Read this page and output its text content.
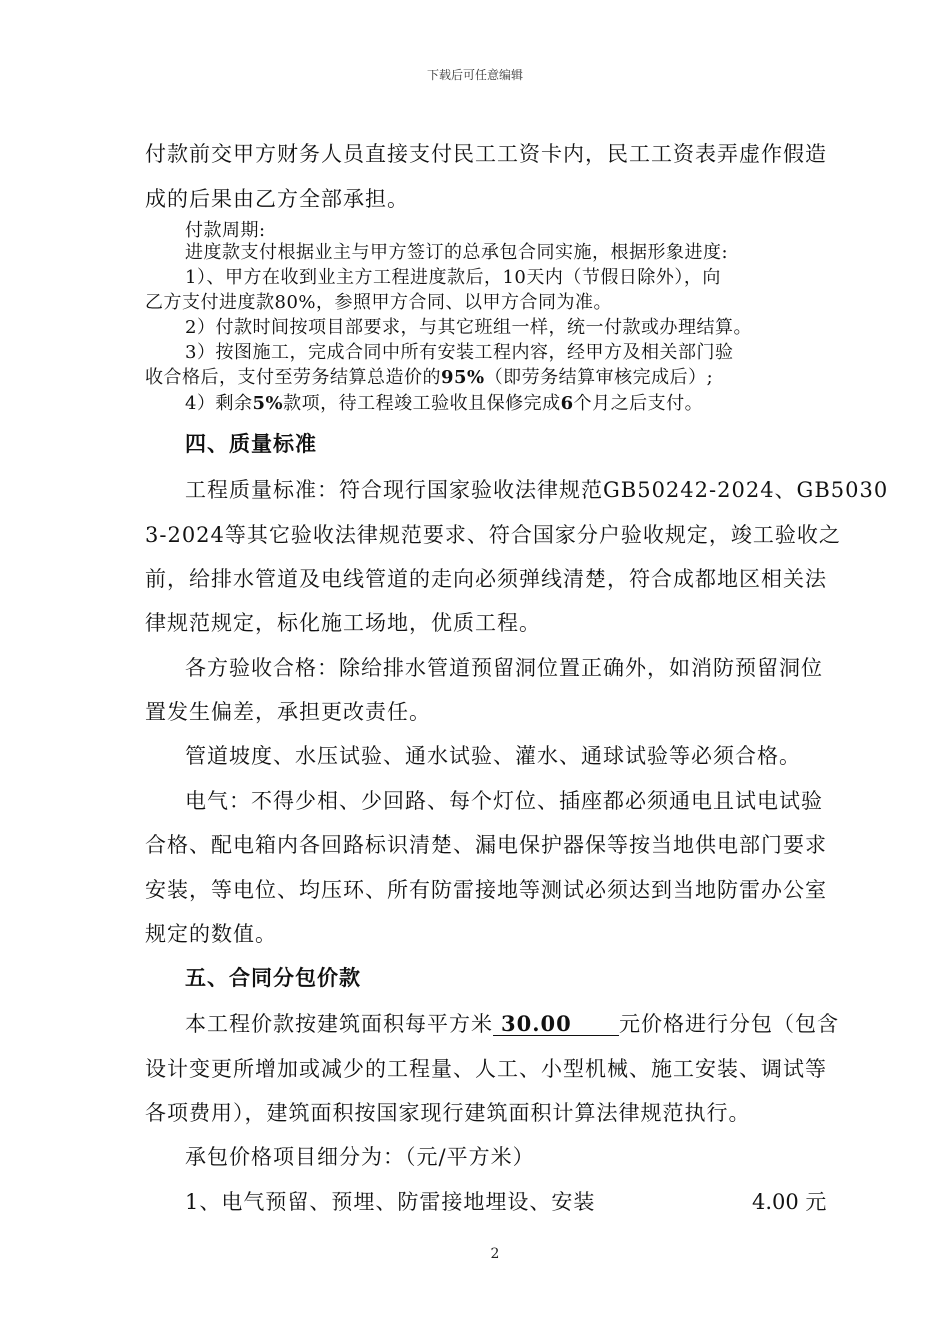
下载后可任意编辑
付款前交甲方财务人员直接支付民工工资卡内，民工工资表弄虚作假造
成的后果由乙方全部承担。
付款周期:
进度款支付根据业主与甲方签订的总承包合同实施，根据形象进度:
1）、甲方在收到业主方工程进度款后，10天内（节假日除外），向
乙方支付进度款80%，参照甲方合同、以甲方合同为准。
2）付款时间按项目部要求，与其它班组一样，统一付款或办理结算。
3）按图施工，完成合同中所有安装工程内容，经甲方及相关部门验
收合格后，支付至劳务结算总造价的95%（即劳务结算审核完成后）;
4）剩余5%款项，待工程竣工验收且保修完成6个月之后支付。
四、质量标准
工程质量标准：符合现行国家验收法律规范GB50242-2024、GB5030
3-2024等其它验收法律规范要求、符合国家分户验收规定，竣工验收之
前，给排水管道及电线管道的走向必须弹线清楚，符合成都地区相关法
律规范规定，标化施工场地，优质工程。
各方验收合格：除给排水管道预留洞位置正确外，如消防预留洞位
置发生偏差，承担更改责任。
管道坡度、水压试验、通水试验、灌水、通球试验等必须合格。
电气：不得少相、少回路、每个灯位、插座都必须通电且试电试验
合格、配电箱内各回路标识清楚、漏电保护器保等按当地供电部门要求
安装，等电位、均压环、所有防雷接地等测试必须达到当地防雷办公室
规定的数值。
五、合同分包价款
本工程价款按建筑面积每平方米 30.00 元价格进行分包（包含
设计变更所增加或减少的工程量、人工、小型机械、施工安装、调试等
各项费用），建筑面积按国家现行建筑面积计算法律规范执行。
承包价格项目细分为：（元/平方米）
1、电气预留、预埋、防雷接地埋设、安装	4.00 元
2
